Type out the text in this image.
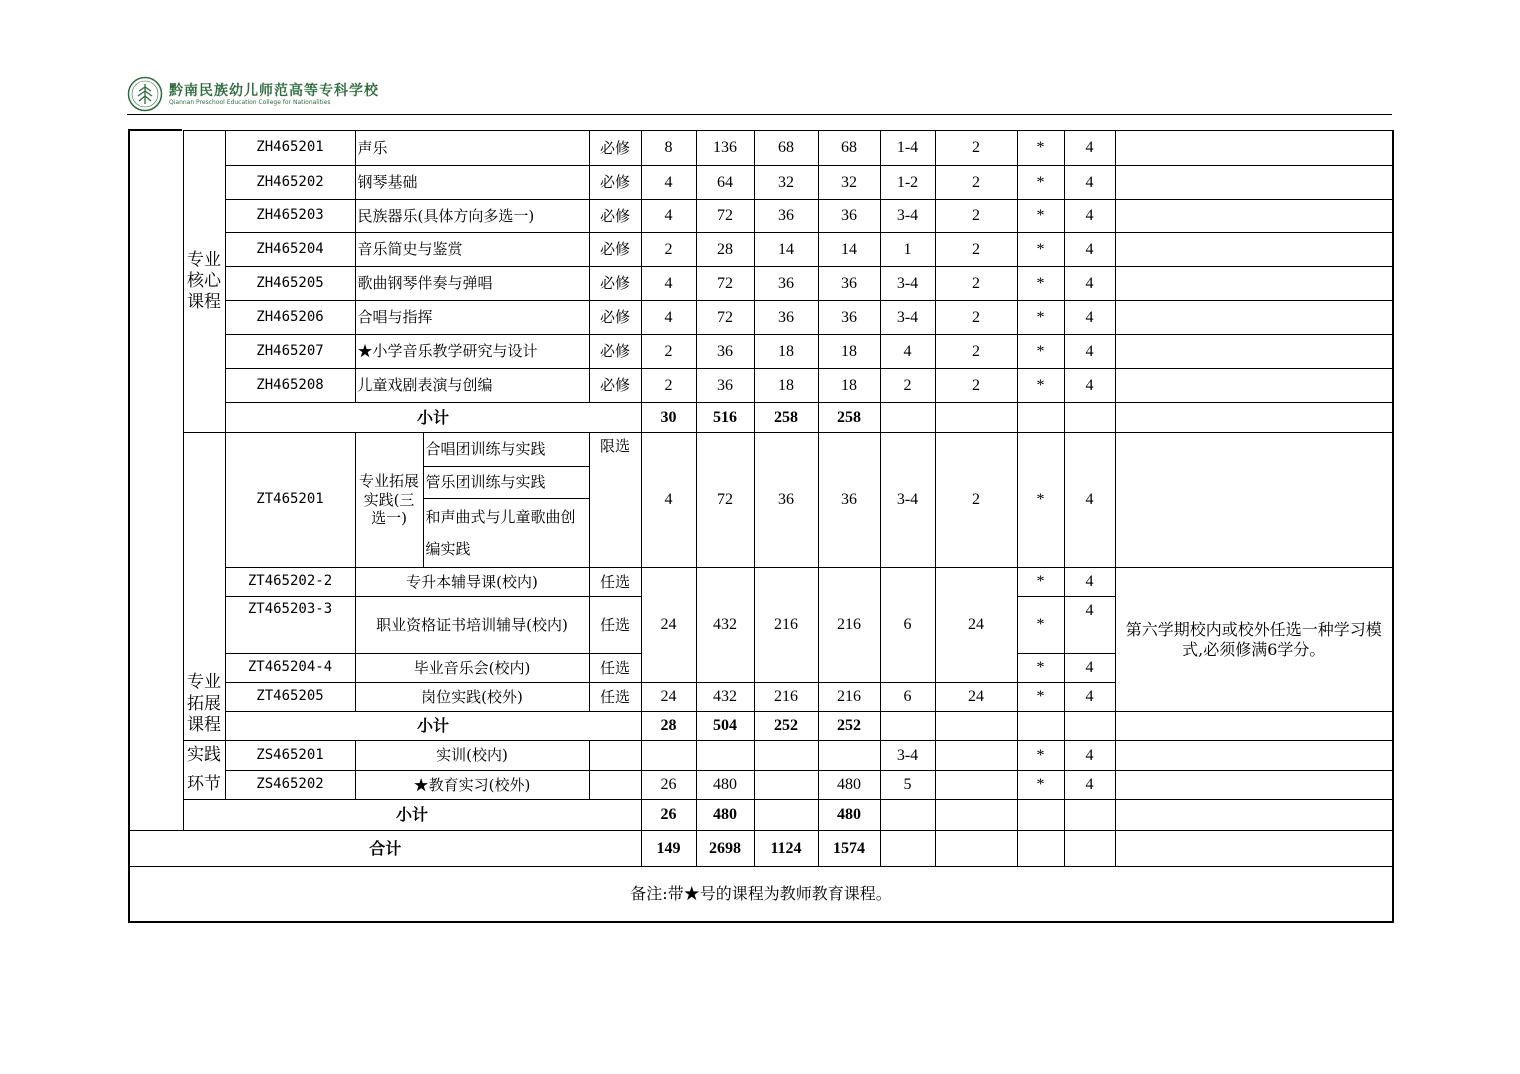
黔南民族幼儿师范高等专科学校
Qiannan Preschool Education College for Nationalities
	专业核心课程	ZH465201	声乐		必修	8	136	68	68	1-4	2	*	4	
		ZH465202	钢琴基础		必修	4	64	32	32	1-2	2	*	4	
		ZH465203	民族器乐(具体方向多选一)		必修	4	72	36	36	3-4	2	*	4	
		ZH465204	音乐简史与鉴赏		必修	2	28	14	14	1	2	*	4	
		ZH465205	歌曲钢琴伴奏与弹唱		必修	4	72	36	36	3-4	2	*	4	
		ZH465206	合唱与指挥		必修	4	72	36	36	3-4	2	*	4	
		ZH465207	★小学音乐教学研究与设计		必修	2	36	18	18	4	2	*	4	
		ZH465208	儿童戏剧表演与创编		必修	2	36	18	18	2	2	*	4	
		小计				30	516	258	258					
	专业拓展课程	ZT465201	专业拓展实践(三选一)	合唱团训练与实践	限选	4	72	36	36	3-4	2	*	4	
				管乐团训练与实践										
				和声曲式与儿童歌曲创编实践										

		ZT465202-2	专升本辅导课(校内)		任选	24	432	216	216	6	24	*	4	第六学期校内或校外任选一种学习模式,必须修满6学分。
		ZT465203-3	职业资格证书培训辅导(校内)		任选							*	4	
		ZT465204-4	毕业音乐会(校内)		任选							*	4	
		ZT465205	岗位实践(校外)		任选	24	432	216	216	6	24	*	4	
		小计				28	504	252	252					
	实践环节	ZS465201	实训(校内)							3-4		*	4	
		ZS465202	★教育实习(校外)			26	480		480	5		*	4	
	小计					26	480		480					
合计						149	2698	1124	1574					
备注:带★号的课程为教师教育课程。														
